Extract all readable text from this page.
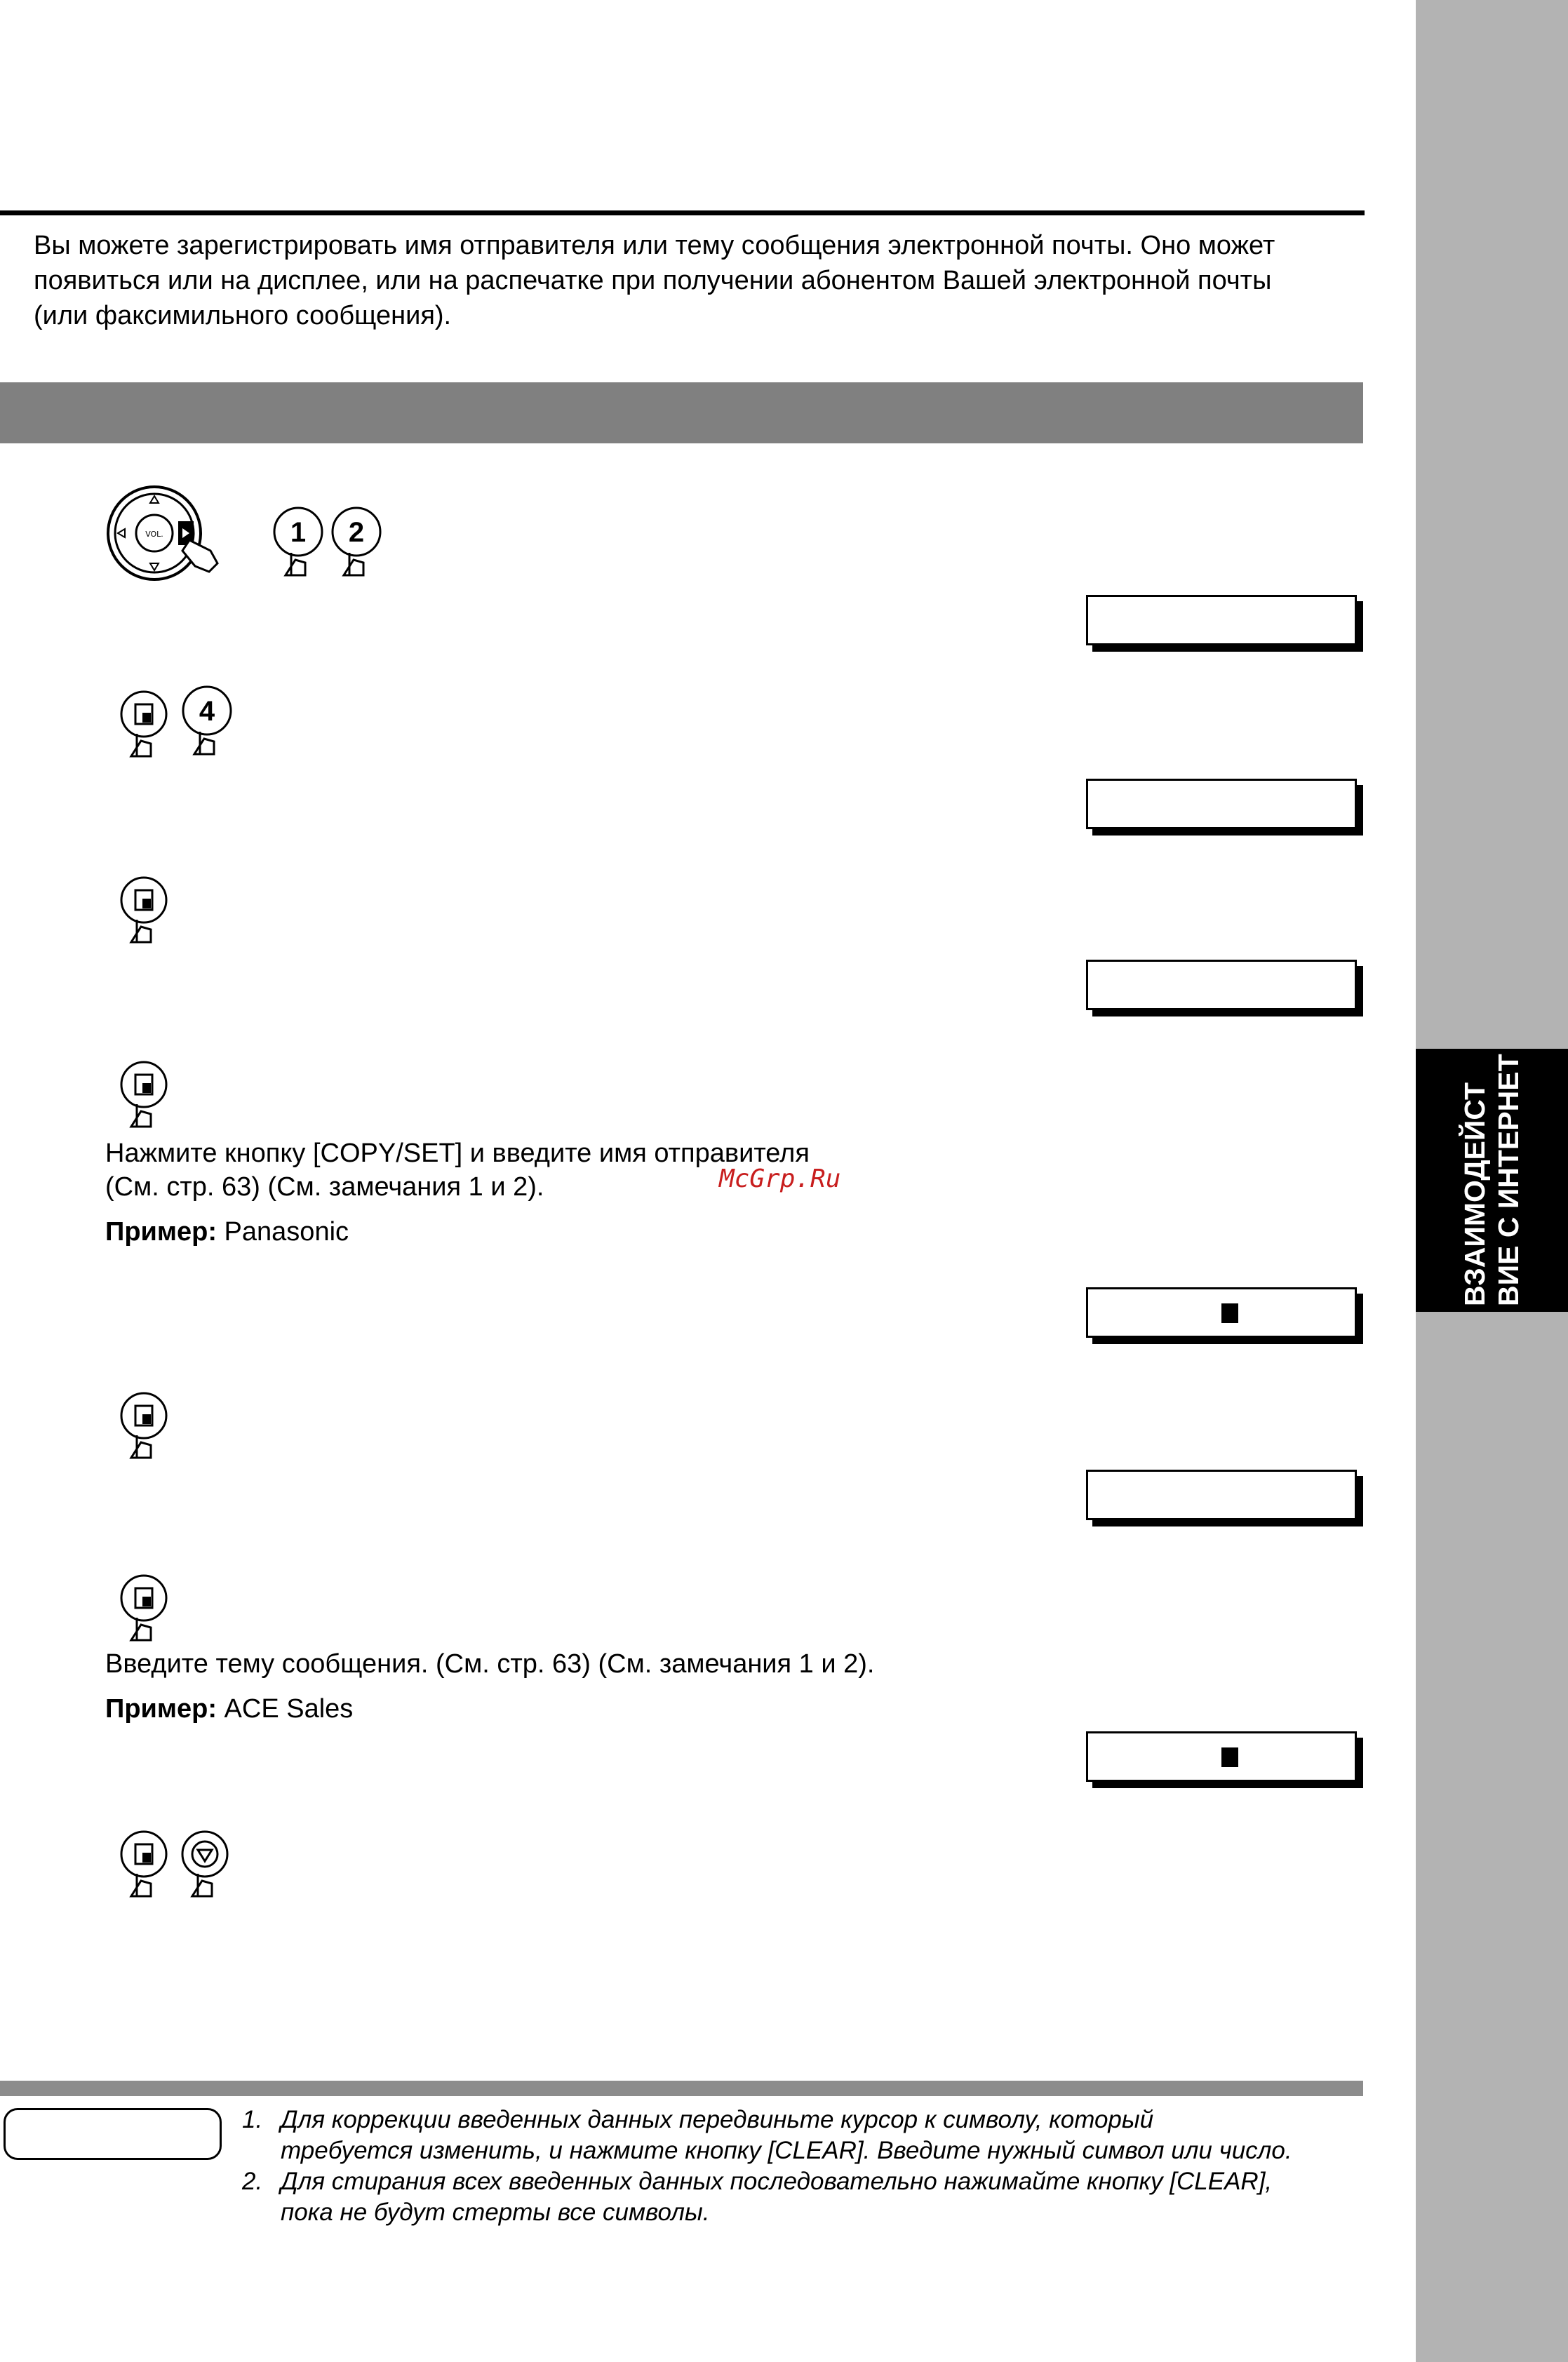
ВЗАИМОДЕЙСТ ВИЕ С ИНТЕРНЕТ
Вы можете зарегистрировать имя отправителя или тему сообщения электронной почты. Оно может
появиться или на дисплее, или на распечатке при получении абонентом Вашей электронной почты
(или факсимильного сообщения).
VOL.	1 2
4
Нажмите кнопку [COPY/SET] и введите имя отправителя
(См. стр. 63) (См. замечания 1 и 2).	McGrp.Ru
Пример: Panasonic
Введите тему сообщения. (См. стр. 63) (См. замечания 1 и 2).
Пример: ACE Sales
1. Для коррекции введенных данных передвиньте курсор к символу, который
требуется изменить, и нажмите кнопку [CLEAR]. Введите нужный символ или число.
2. Для стирания всех введенных данных последовательно нажимайте кнопку [CLEAR],
пока не будут стерты все символы.
